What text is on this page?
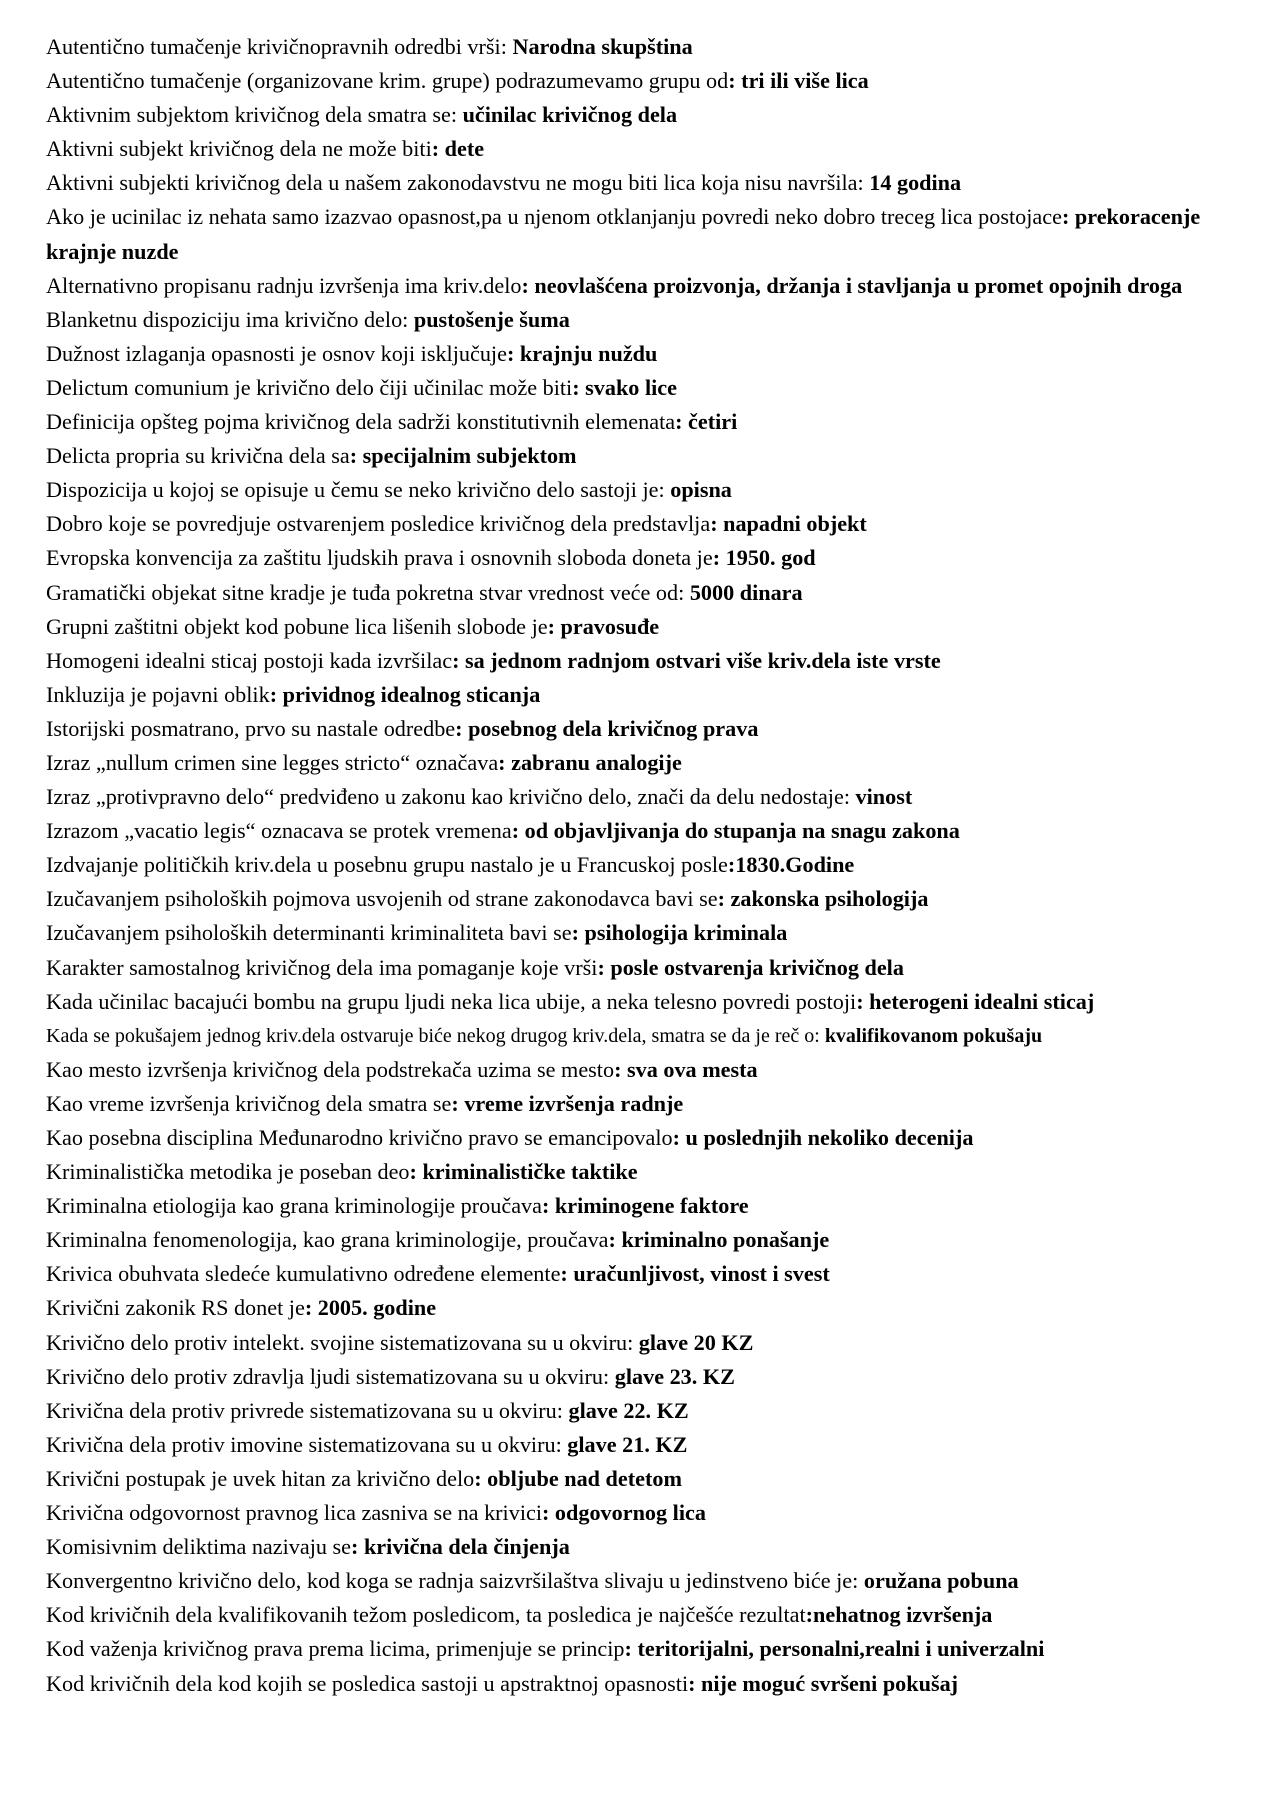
Autentično tumačenje krivičnopravnih odredbi vrši: Narodna skupština
Autentično tumačenje (organizovane krim. grupe) podrazumevamo grupu od: tri ili više lica
Aktivnim subjektom krivičnog dela smatra se: učinilac krivičnog dela
Aktivni subjekt krivičnog dela ne može biti: dete
Aktivni subjekti krivičnog dela u našem zakonodavstvu ne mogu biti lica koja nisu navršila: 14 godina
Ako je ucinilac iz nehata samo izazvao opasnost,pa u njenom otklanjanju povredi neko dobro treceg lica postojace: prekoracenje krajnje nuzde
Alternativno propisanu radnju izvršenja ima kriv.delo: neovlašćena proizvonja, držanja i stavljanja u promet opojnih droga
Blanketnu dispoziciju ima krivično delo: pustošenje šuma
Dužnost izlaganja opasnosti je osnov koji isključuje: krajnju nuždu
Delictum comunium je krivično delo čiji učinilac može biti: svako lice
Definicija opšteg pojma krivičnog dela sadrži konstitutivnih elemenata: četiri
Delicta propria su krivična dela sa: specijalnim subjektom
Dispozicija u kojoj se opisuje u čemu se neko krivično delo sastoji je: opisna
Dobro koje se povredjuje ostvarenjem posledice krivičnog dela predstavlja: napadni objekt
Evropska konvencija za zaštitu ljudskih prava i osnovnih sloboda doneta je: 1950. god
Gramatički objekat sitne kradje je tuđa pokretna stvar vrednost veće od: 5000 dinara
Grupni zaštitni objekt kod pobune lica lišenih slobode je: pravosuđe
Homogeni idealni sticaj postoji kada izvršilac: sa jednom radnjom ostvari više kriv.dela iste vrste
Inkluzija je pojavni oblik: prividnog idealnog sticanja
Istorijski posmatrano, prvo su nastale odredbe: posebnog dela krivičnog prava
Izraz „nullum crimen sine legges stricto“ označava: zabranu analogije
Izraz „protivpravno delo“ predviđeno u zakonu kao krivično delo, znači da delu nedostaje: vinost
Izrazom „vacatio legis“ oznacava se protek vremena: od objavljivanja do stupanja na snagu zakona
Izdvajanje političkih kriv.dela u posebnu grupu nastalo je u Francuskoj posle:1830.Godine
Izučavanjem psiholoških pojmova usvojenih od strane zakonodavca bavi se: zakonska psihologija
Izučavanjem psiholoških determinanti kriminaliteta bavi se: psihologija kriminala
Karakter samostalnog krivičnog dela ima pomaganje koje vrši: posle ostvarenja krivičnog dela
Kada učinilac bacajući bombu na grupu ljudi neka lica ubije, a neka telesno povredi postoji: heterogeni idealni sticaj
Kada se pokušajem jednog kriv.dela ostvaruje biće nekog drugog kriv.dela, smatra se da je reč o: kvalifikovanom pokušaju
Kao mesto izvršenja krivičnog dela podstrekača uzima se mesto: sva ova mesta
Kao vreme izvršenja krivičnog dela smatra se: vreme izvršenja radnje
Kao posebna disciplina Međunarodno krivično pravo se emancipovalo: u poslednjih nekoliko decenija
Kriminalistička metodika je poseban deo: kriminalističke taktike
Kriminalna etiologija kao grana kriminologije proučava: kriminogene faktore
Kriminalna fenomenologija, kao grana kriminologije, proučava: kriminalno ponašanje
Krivica obuhvata sledeće kumulativno određene elemente: uračunljivost, vinost i svest
Krivični zakonik RS donet je: 2005. godine
Krivično delo protiv intelekt. svojine sistematizovana su u okviru: glave 20 KZ
Krivično delo protiv zdravlja ljudi sistematizovana su u okviru: glave 23. KZ
Krivična dela protiv privrede sistematizovana su u okviru: glave 22. KZ
Krivična dela protiv imovine sistematizovana su u okviru: glave 21. KZ
Krivični postupak je uvek hitan za krivično delo: obljube nad detetom
Krivična odgovornost pravnog lica zasniva se na krivici: odgovornog lica
Komisivnim deliktima nazivaju se: krivična dela činjenja
Konvergentno krivično delo, kod koga se radnja saizvršilaštva slivaju u jedinstveno biće je: oružana pobuna
Kod krivičnih dela kvalifikovanih težom posledicom, ta posledica je najčešće rezultat:nehatnog izvršenja
Kod važenja krivičnog prava prema licima, primenjuje se princip: teritorijalni, personalni,realni i univerzalni
Kod krivičnih dela kod kojih se posledica sastoji u apstraktnoj opasnosti: nije moguć svršeni pokušaj
